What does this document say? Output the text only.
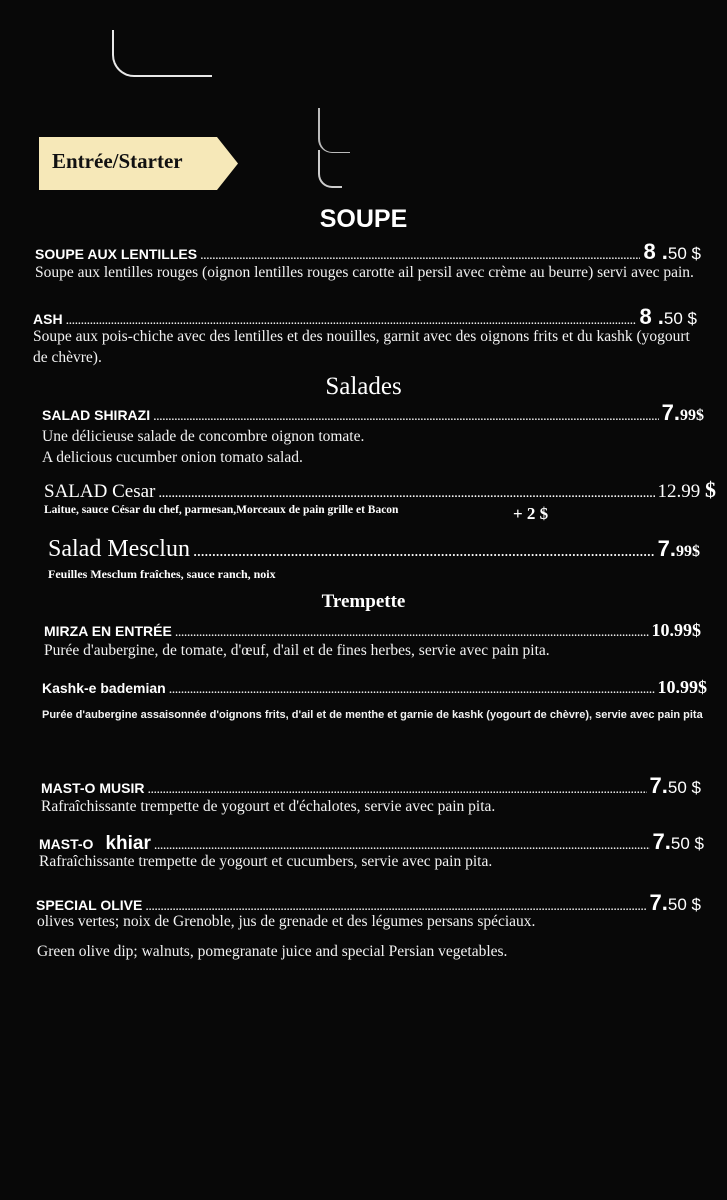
Entrée/Starter
SOUPE
SOUPE AUX LENTILLES .....	8 .50 $
Soupe aux lentilles rouges (oignon lentilles rouges carotte ail persil avec crème au beurre) servi avec pain.
ASH .....	8 .50 $
Soupe aux pois-chiche avec des lentilles et des nouilles, garnit avec des oignons frits et du kashk (yogourt de chèvre).
Salades
SALAD SHIRAZI .....	7.99$
Une délicieuse salade de concombre oignon tomate.
A delicious cucumber onion tomato salad.
SALAD Cesar .....	12.99 $
Laitue, sauce César du chef, parmesan,Morceaux de pain grille et Bacon	+ 2 $
Salad Mesclun .....	7.99$
Feuilles Mesclum fraîches, sauce ranch, noix
Trempette
MIRZA EN ENTRÉE .....	10.99$
Purée d'aubergine, de tomate, d'œuf, d'ail et de fines herbes, servie avec pain pita.
Kashk-e bademian .....	10.99$
Purée d'aubergine assaisonnée d'oignons frits, d'ail et de menthe et garnie de kashk (yogourt de chèvre), servie avec pain pita
MAST-O MUSIR .....	7.50 $
Rafraîchissante trempette de yogourt et d'échalotes, servie avec pain pita.
MAST-O khiar .....	7.50 $
Rafraîchissante trempette de yogourt et cucumbers, servie avec pain pita.
SPECIAL OLIVE .....	7.50 $
olives vertes; noix de Grenoble, jus de grenade et des légumes persans spéciaux.
Green olive dip; walnuts, pomegranate juice and special Persian vegetables.
